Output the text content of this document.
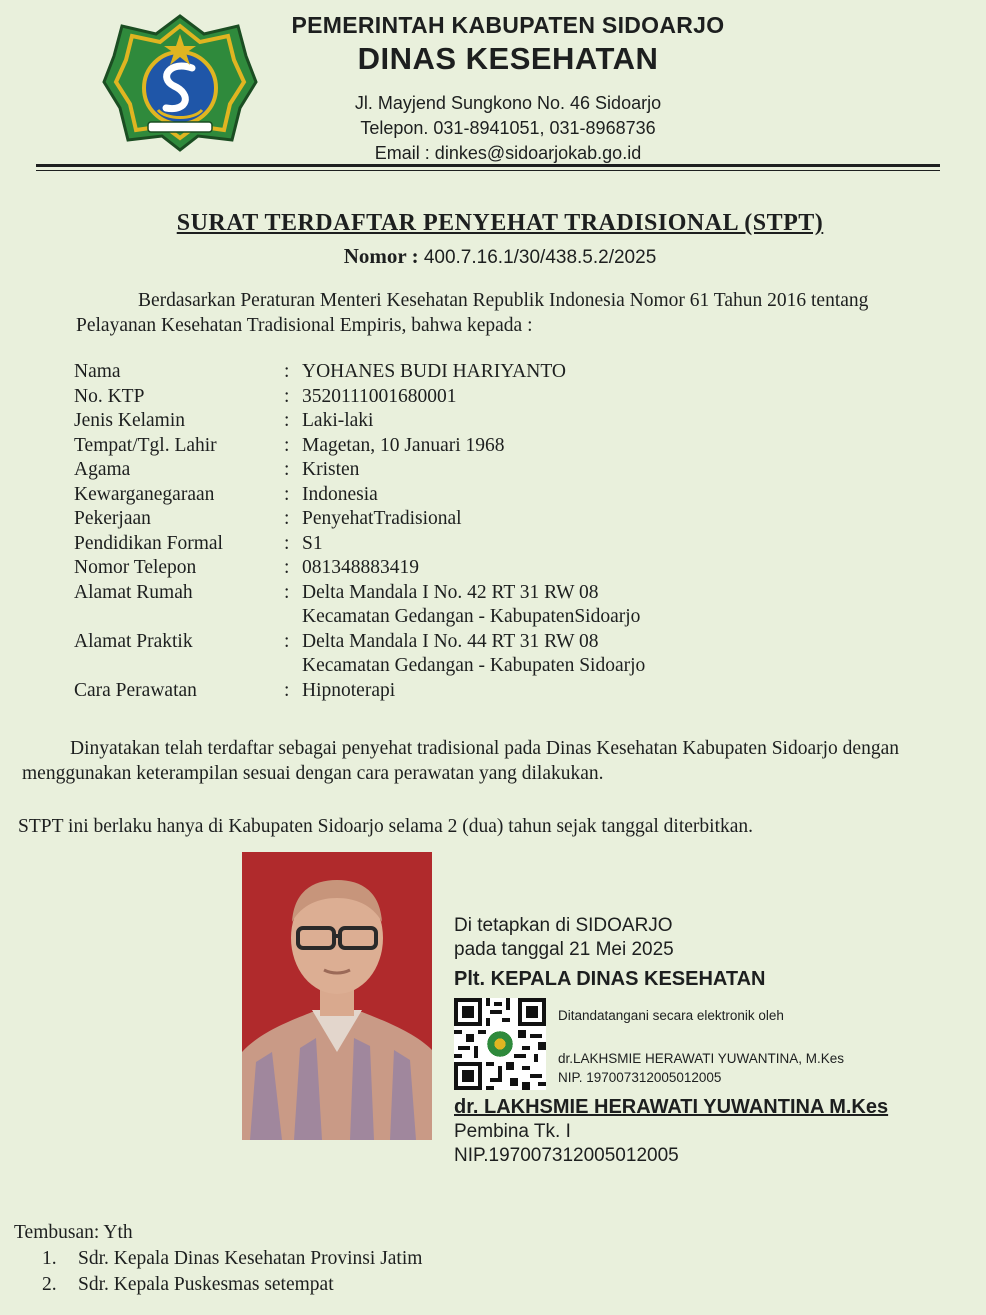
PEMERINTAH KABUPATEN SIDOARJO
DINAS KESEHATAN
Jl. Mayjend Sungkono No. 46 Sidoarjo
Telepon. 031-8941051, 031-8968736
Email : dinkes@sidoarjokab.go.id
SURAT TERDAFTAR PENYEHAT TRADISIONAL (STPT)
Nomor : 400.7.16.1/30/438.5.2/2025
Berdasarkan Peraturan Menteri Kesehatan Republik Indonesia Nomor 61 Tahun 2016 tentang Pelayanan Kesehatan Tradisional Empiris, bahwa kepada :
Nama	: YOHANES BUDI HARIYANTO
No. KTP	: 3520111001680001
Jenis Kelamin	: Laki-laki
Tempat/Tgl. Lahir	: Magetan, 10 Januari 1968
Agama	: Kristen
Kewarganegaraan	: Indonesia
Pekerjaan	: PenyehatTradisional
Pendidikan Formal	: S1
Nomor Telepon	: 081348883419
Alamat Rumah	: Delta Mandala I No. 42 RT 31 RW 08
Kecamatan Gedangan - KabupatenSidoarjo
Alamat Praktik	: Delta Mandala I No. 44 RT 31 RW 08
Kecamatan Gedangan - Kabupaten Sidoarjo
Cara Perawatan	: Hipnoterapi
Dinyatakan telah terdaftar sebagai penyehat tradisional pada Dinas Kesehatan Kabupaten Sidoarjo dengan menggunakan keterampilan sesuai dengan cara perawatan yang dilakukan.
STPT ini berlaku hanya di Kabupaten Sidoarjo selama 2 (dua) tahun sejak tanggal diterbitkan.
Di tetapkan di SIDOARJO
pada tanggal 21 Mei 2025
Plt. KEPALA DINAS KESEHATAN
Ditandatangani secara elektronik oleh
dr.LAKHSMIE HERAWATI YUWANTINA, M.Kes
NIP. 197007312005012005
dr. LAKHSMIE HERAWATI YUWANTINA M.Kes
Pembina Tk. I
NIP.197007312005012005
Tembusan: Yth
1.	Sdr. Kepala Dinas Kesehatan Provinsi Jatim
2.	Sdr. Kepala Puskesmas setempat
